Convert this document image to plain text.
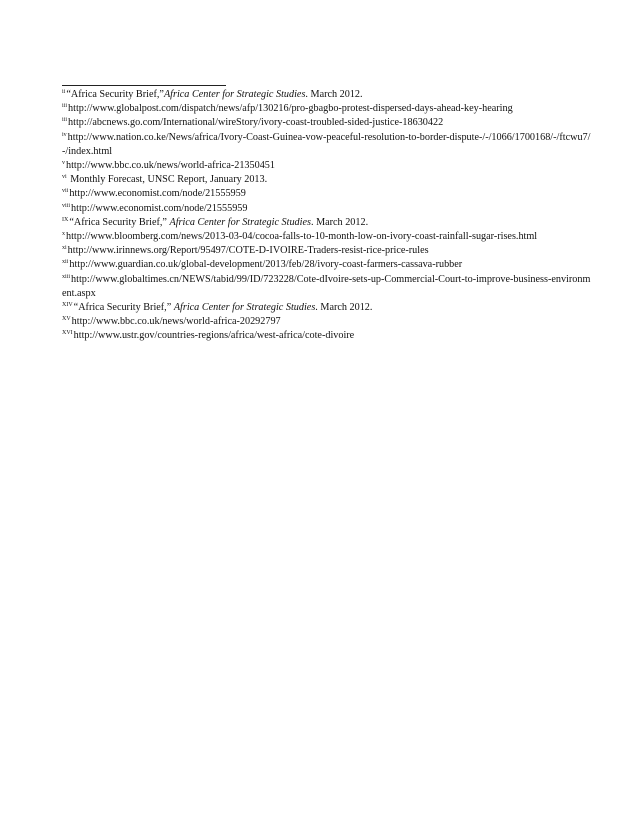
$^{ii}$“Africa Security Brief,”Africa Center for Strategic Studies. March 2012.

$^{iii}$http://www.globalpost.com/dispatch/news/afp/130216/pro-gbagbo-protest-dispersed-days-ahead-key-hearing

$^{iii}$http://abcnews.go.com/International/wireStory/ivory-coast-troubled-sided-justice-18630422

$^{iv}$http://www.nation.co.ke/News/africa/Ivory-Coast-Guinea-vow-peaceful-resolution-to-border-dispute-/-/1066/1700168/-/ftcwu7/-/index.html

$^v$http://www.bbc.co.uk/news/world-africa-21350451

$^{vi}$ Monthly Forecast, UNSC Report, January 2013.

$^{vii}$http://www.economist.com/node/21555959

$^{viii}$http://www.economist.com/node/21555959

$^{IX}$“Africa Security Brief,” Africa Center for Strategic Studies. March 2012.

$^x$http://www.bloomberg.com/news/2013-03-04/cocoa-falls-to-10-month-low-on-ivory-coast-rainfall-sugar-rises.html

$^{xi}$http://www.irinnews.org/Report/95497/COTE-D-IVOIRE-Traders-resist-rice-price-rules

$^{xii}$http://www.guardian.co.uk/global-development/2013/feb/28/ivory-coast-farmers-cassava-rubber

$^{xiii}$http://www.globaltimes.cn/NEWS/tabid/99/ID/723228/Cote-dIvoire-sets-up-Commercial-Court-to-improve-business-environment.aspx

$^{XIV}$“Africa Security Brief,” Africa Center for Strategic Studies. March 2012.

$^{XV}$http://www.bbc.co.uk/news/world-africa-20292797

$^{XVI}$http://www.ustr.gov/countries-regions/africa/west-africa/cote-divoire
